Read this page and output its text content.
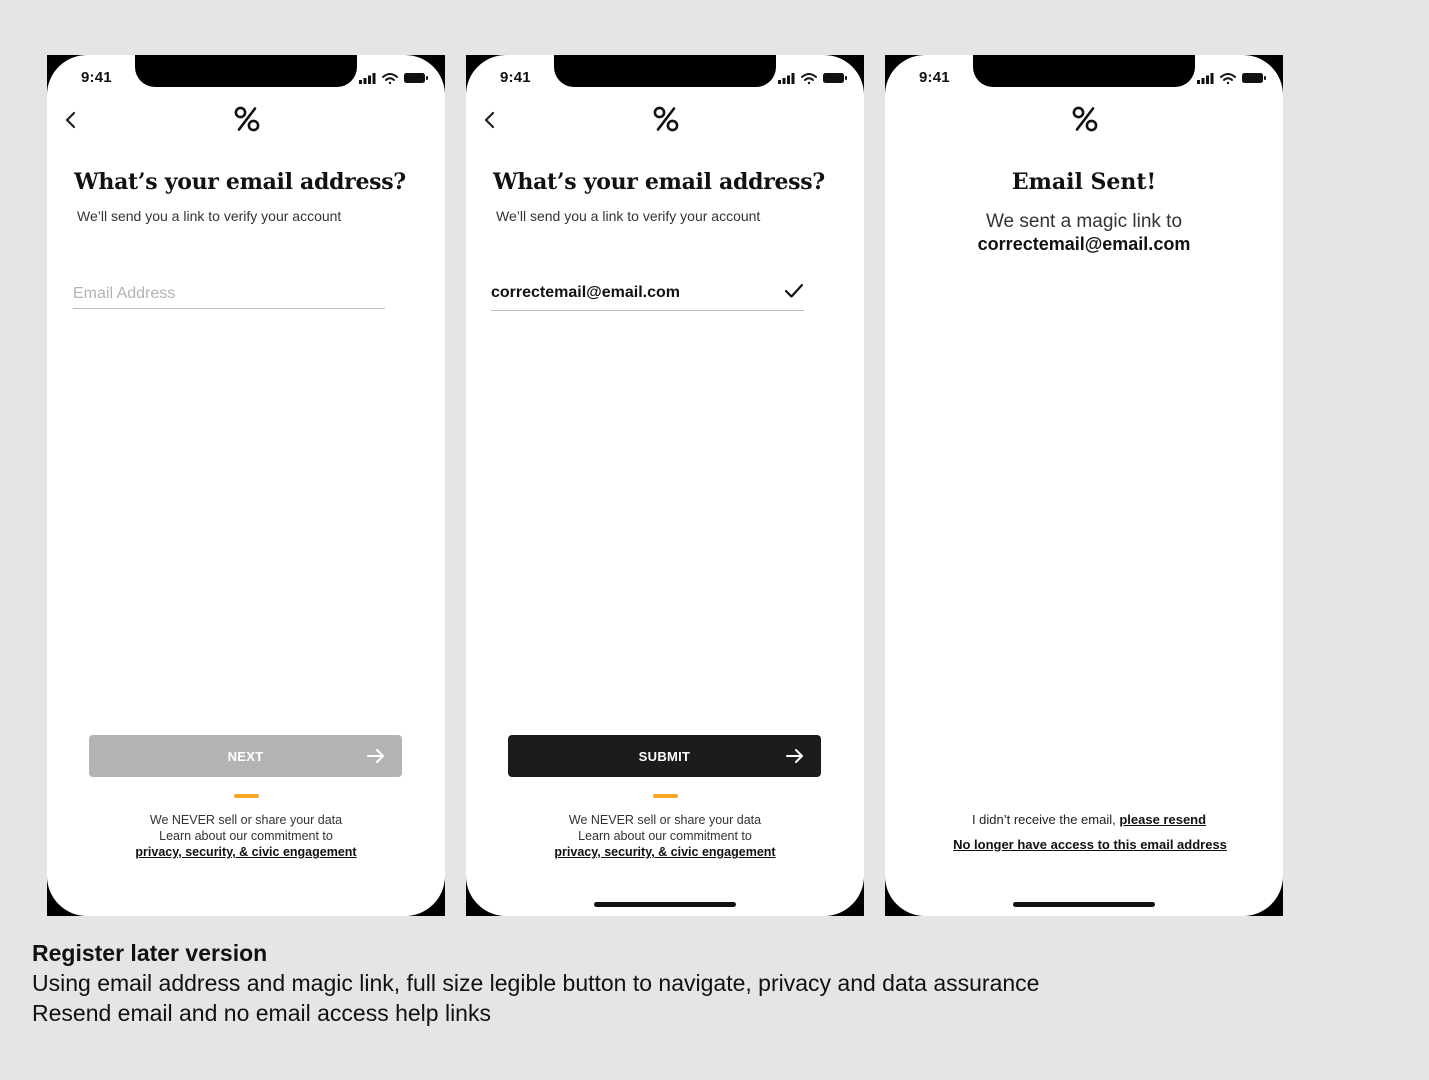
9:41
What’s your email address?
We’ll send you a link to verify your account
Email Address
NEXT
We NEVER sell or share your data
Learn about our commitment to
privacy, security, & civic engagement
9:41
What’s your email address?
We’ll send you a link to verify your account
correctemail@email.com
SUBMIT
We NEVER sell or share your data
Learn about our commitment to
privacy, security, & civic engagement
9:41
Email Sent!
We sent a magic link to
correctemail@email.com
I didn’t receive the email, please resend
No longer have access to this email address
Register later version
Using email address and magic link, full size legible button to navigate, privacy and data assurance
Resend email and no email access help links
